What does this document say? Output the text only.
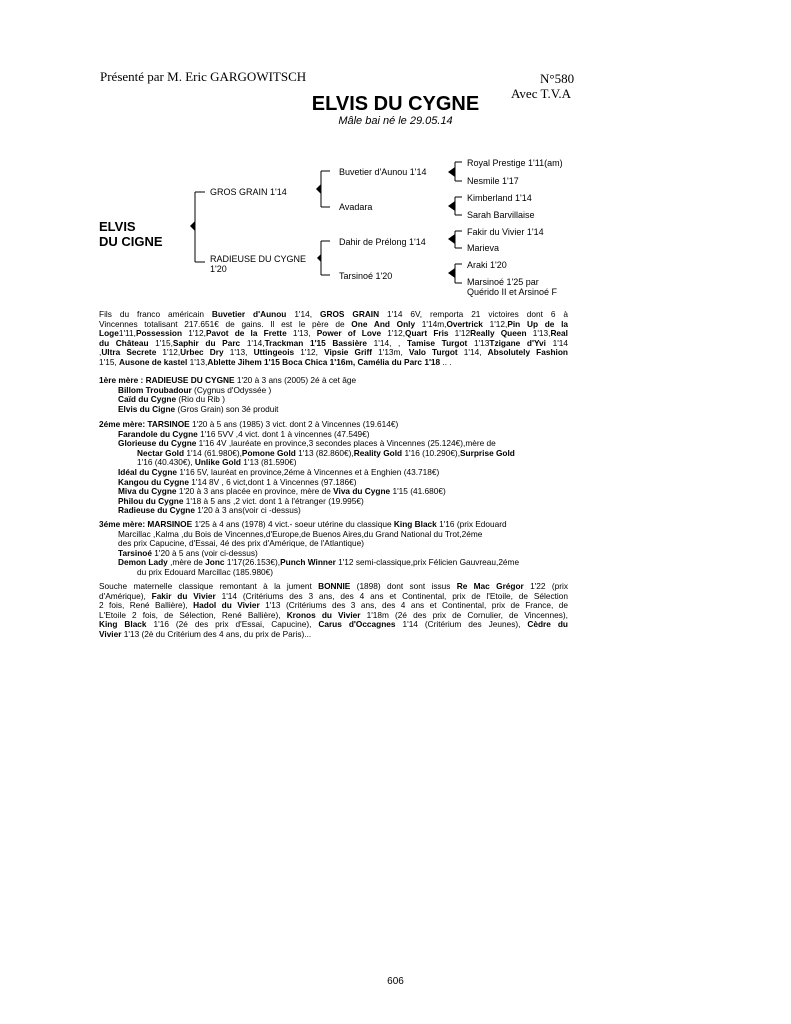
Présenté par M. Eric GARGOWITSCH	N°580
Avec T.V.A
ELVIS DU CYGNE
Mâle bai né le 29.05.14
ELVIS
DU CIGNE
GROS GRAIN 1'14
RADIEUSE DU CYGNE
1'20
Buvetier d'Aunou 1'14
Avadara
Dahir de Prélong 1'14
Tarsinoé 1'20
Royal Prestige 1'11(am)
Nesmile 1'17
Kimberland 1'14
Sarah Barvillaise
Fakir du Vivier 1'14
Marieva
Araki 1'20
Marsinoé 1'25 par
Quérido II et Arsinoé F

Fils du franco américain Buvetier d'Aunou 1'14, GROS GRAIN 1'14 6V, remporta 21 victoires dont 6 à

Vincennes totalisant 217.651€ de gains. Il est le père de One And Only 1'14m,Overtrick 1'12,Pin Up de la

Loge1'11,Possession 1'12,Pavot de la Frette 1'13, Power of Love 1'12,Quart Fris 1'12Really Queen 1'13,Real

du Château 1'15,Saphir du Parc 1'14,Trackman 1'15 Bassière 1'14, , Tamise Turgot 1'13Tzigane d'Yvi 1'14

,Ultra Secrete 1'12,Urbec Dry 1'13, Uttingeois 1'12, Vipsie Griff 1'13m, Valo Turgot 1'14, Absolutely Fashion

1'15, Ausone de kastel 1'13,Ablette Jihem 1'15 Boca Chica 1'16m, Camélia du Parc 1'18 .. .

1ère mère : RADIEUSE DU CYGNE 1'20 à 3 ans (2005) 2é à cet âge

Billom Troubadour (Cygnus d'Odyssée )

Caïd du Cygne (Rio du Rib )

Elvis du Cigne (Gros Grain) son 3é produit

2éme mère: TARSINOE 1'20 à 5 ans (1985) 3 vict. dont 2 à Vincennes (19.614€)

Farandole du Cygne 1'16 5VV ,4 vict. dont 1 à vincennes (47.549€)

Glorieuse du Cygne 1'16 4V ,lauréate en province,3 secondes places à Vincennes (25.124€),mère de

Nectar Gold 1'14 (61.980€),Pomone Gold 1'13 (82.860€),Reality Gold 1'16 (10.290€),Surprise Gold

1'16 (40.430€), Unlike Gold 1'13 (81.590€)

Idéal du Cygne 1'16 5V, lauréat en province,2éme à Vincennes et à Enghien (43.718€)

Kangou du Cygne 1'14 8V , 6 vict,dont 1 à Vincennes (97.186€)

Miva du Cygne 1'20 à 3 ans placée en province, mère de Viva du Cygne 1'15 (41.680€)

Philou du Cygne 1'18 à 5 ans ,2 vict. dont 1 à l'étranger (19.995€)

Radieuse du Cygne 1'20 à 3 ans(voir ci -dessus)

3éme mère: MARSINOE 1'25 à 4 ans (1978) 4 vict.- soeur utérine du classique King Black 1'16 (prix Edouard

Marcillac ,Kalma ,du Bois de Vincennes,d'Europe,de Buenos Aires,du Grand National du Trot,2éme

des prix Capucine, d'Essai, 4é des prix d'Amérique, de l'Atlantique)

Tarsinoé 1'20 à 5 ans (voir ci-dessus)

Demon Lady ,mère de Jonc 1'17(26.153€),Punch Winner 1'12 semi-classique,prix Félicien Gauvreau,2éme

du prix Edouard Marcillac (185.980€)

Souche maternelle classique remontant à la jument BONNIE (1898) dont sont issus Re Mac Grégor 1'22 (prix

d'Amérique), Fakir du Vivier 1'14 (Critériums des 3 ans, des 4 ans et Continental, prix de l'Etoile, de Sélection

2 fois, René Ballière), Hadol du Vivier 1'13 (Critériums des 3 ans, des 4 ans et Continental, prix de France, de

L'Etoile 2 fois, de Sélection, René Ballière), Kronos du Vivier 1'18m (2é des prix de Cornulier, de Vincennes),

King Black 1'16 (2é des prix d'Essai, Capucine), Carus d'Occagnes 1'14 (Critérium des Jeunes), Cèdre du

Vivier 1'13 (2è du Critérium des 4 ans, du prix de Paris)...

606
